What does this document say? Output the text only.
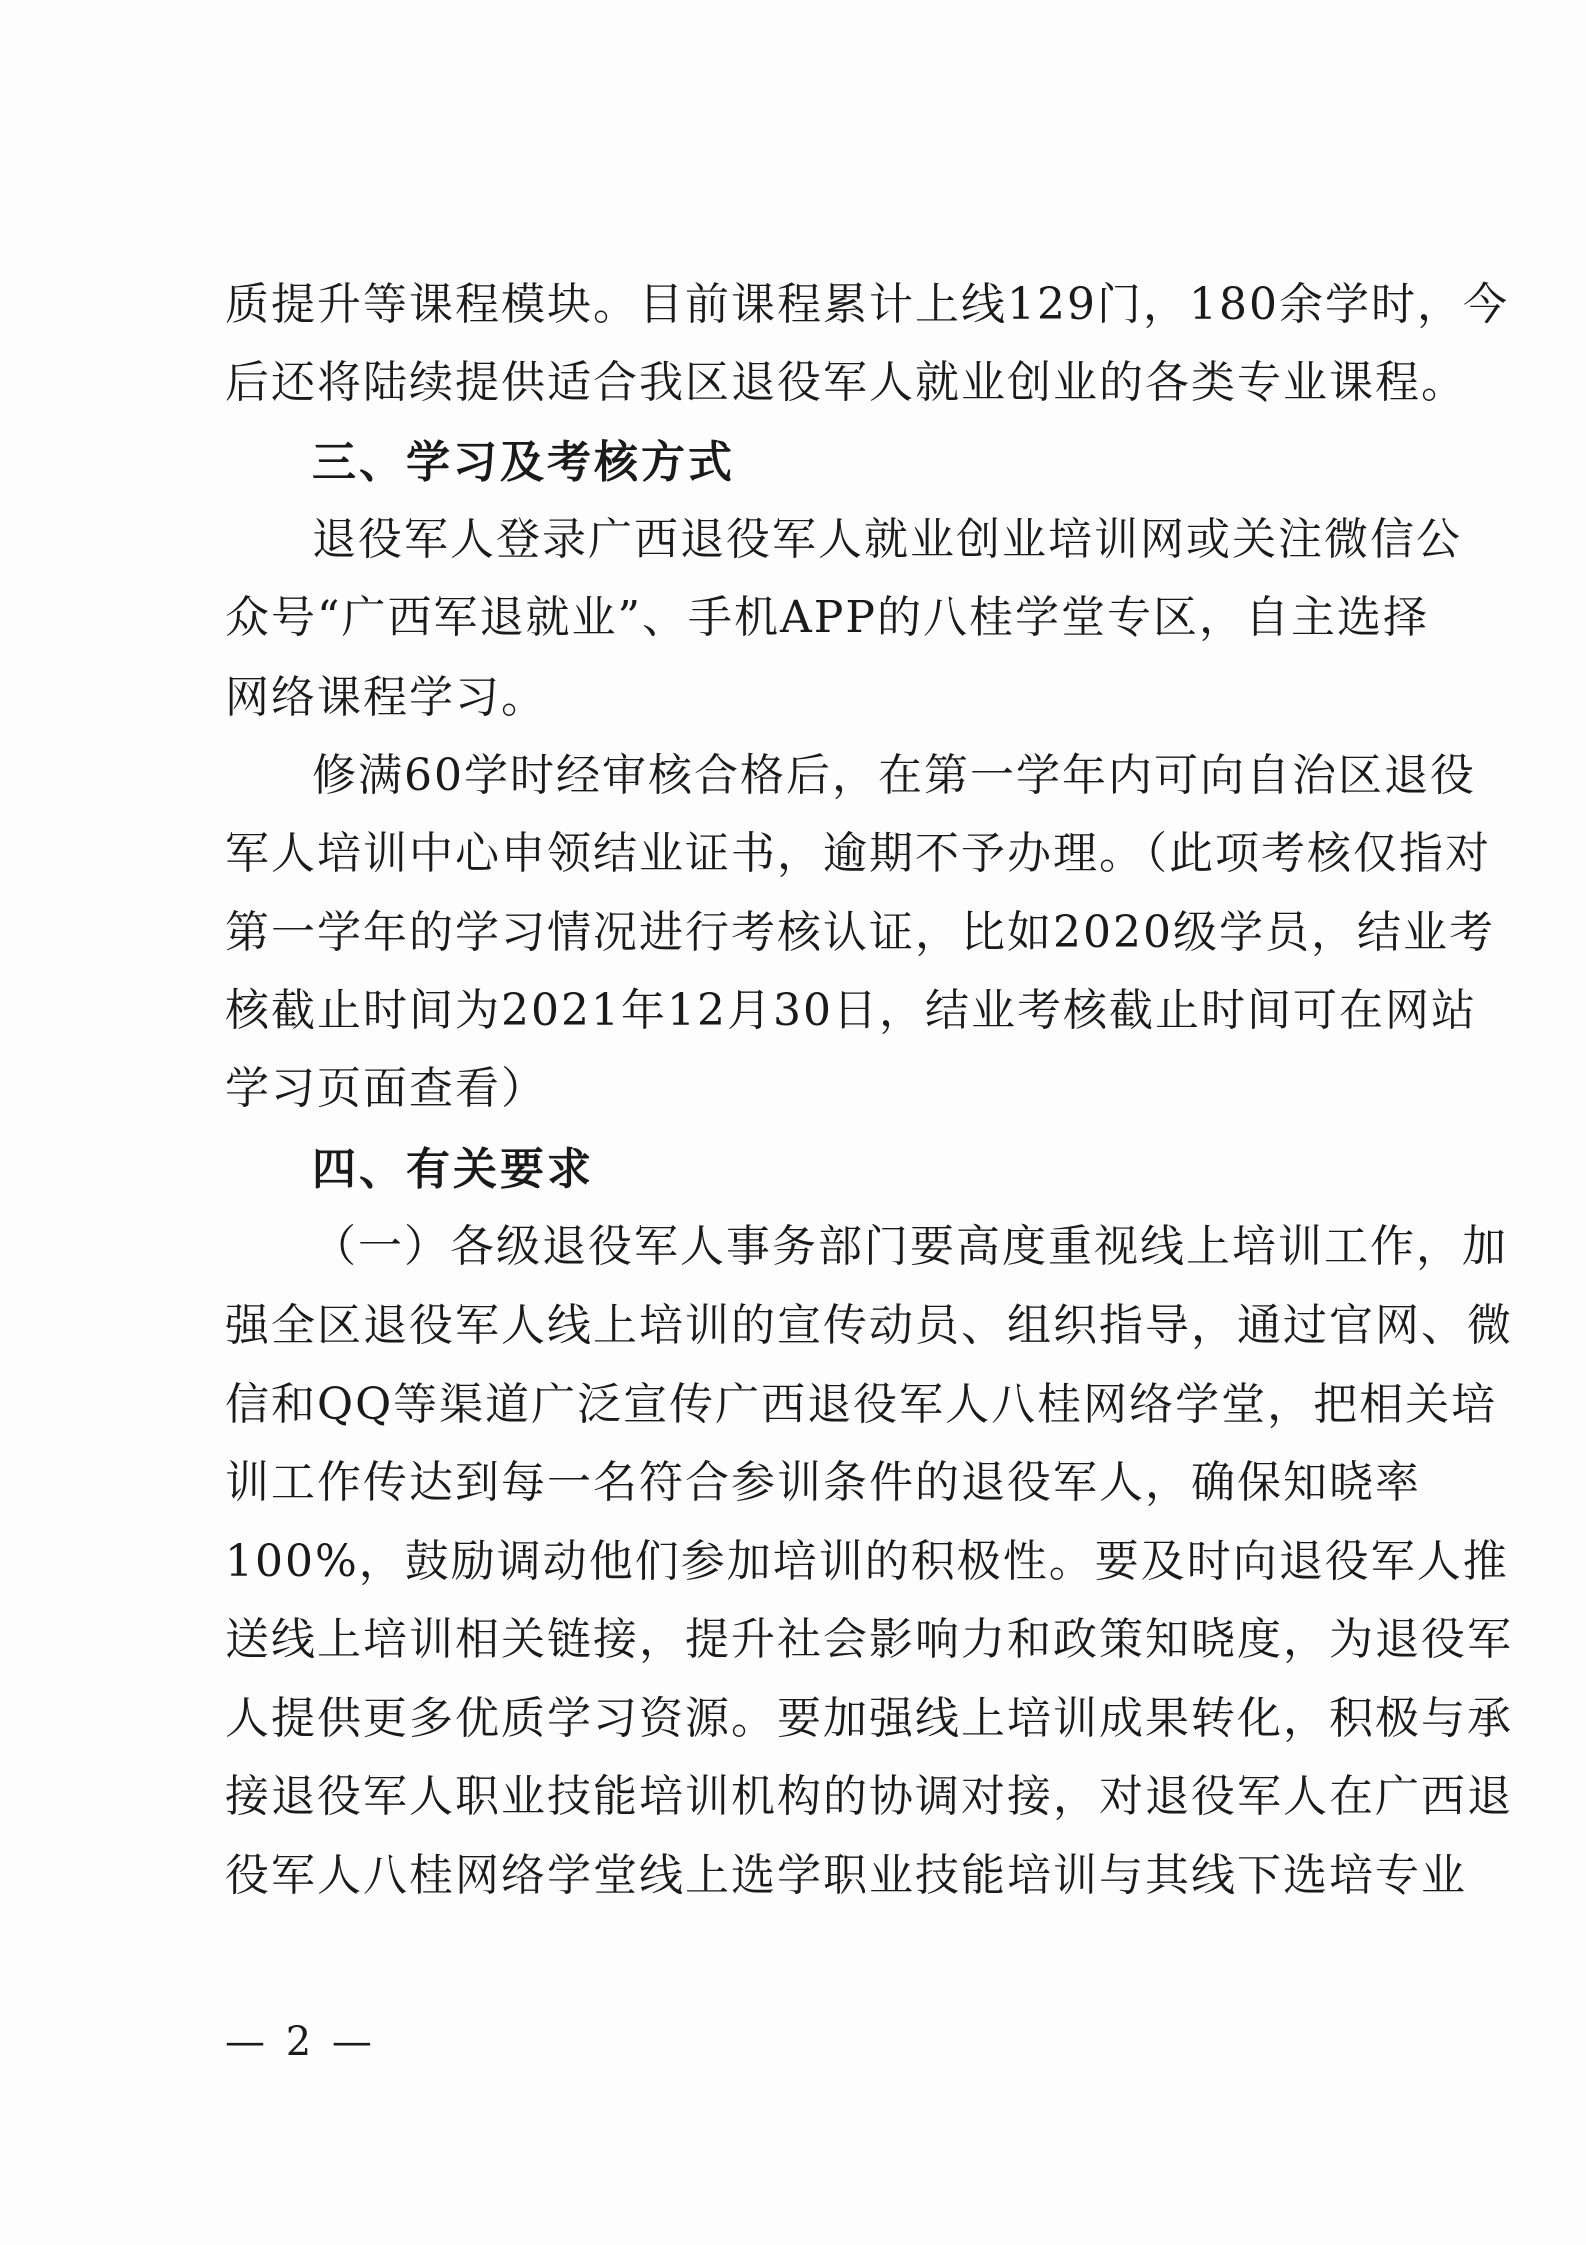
质提升等课程模块。目前课程累计上线129门，180余学时，今
后还将陆续提供适合我区退役军人就业创业的各类专业课程。
三、学习及考核方式
退役军人登录广西退役军人就业创业培训网或关注微信公
众号“广西军退就业”、手机APP的八桂学堂专区，自主选择
网络课程学习。
修满60学时经审核合格后，在第一学年内可向自治区退役
军人培训中心申领结业证书，逾期不予办理。（此项考核仅指对
第一学年的学习情况进行考核认证，比如2020级学员，结业考
核截止时间为2021年12月30日，结业考核截止时间可在网站
学习页面查看）
四、有关要求
（一）各级退役军人事务部门要高度重视线上培训工作，加
强全区退役军人线上培训的宣传动员、组织指导，通过官网、微
信和QQ等渠道广泛宣传广西退役军人八桂网络学堂，把相关培
训工作传达到每一名符合参训条件的退役军人，确保知晓率
100%，鼓励调动他们参加培训的积极性。要及时向退役军人推
送线上培训相关链接，提升社会影响力和政策知晓度，为退役军
人提供更多优质学习资源。要加强线上培训成果转化，积极与承
接退役军人职业技能培训机构的协调对接，对退役军人在广西退
役军人八桂网络学堂线上选学职业技能培训与其线下选培专业
— 2 —
